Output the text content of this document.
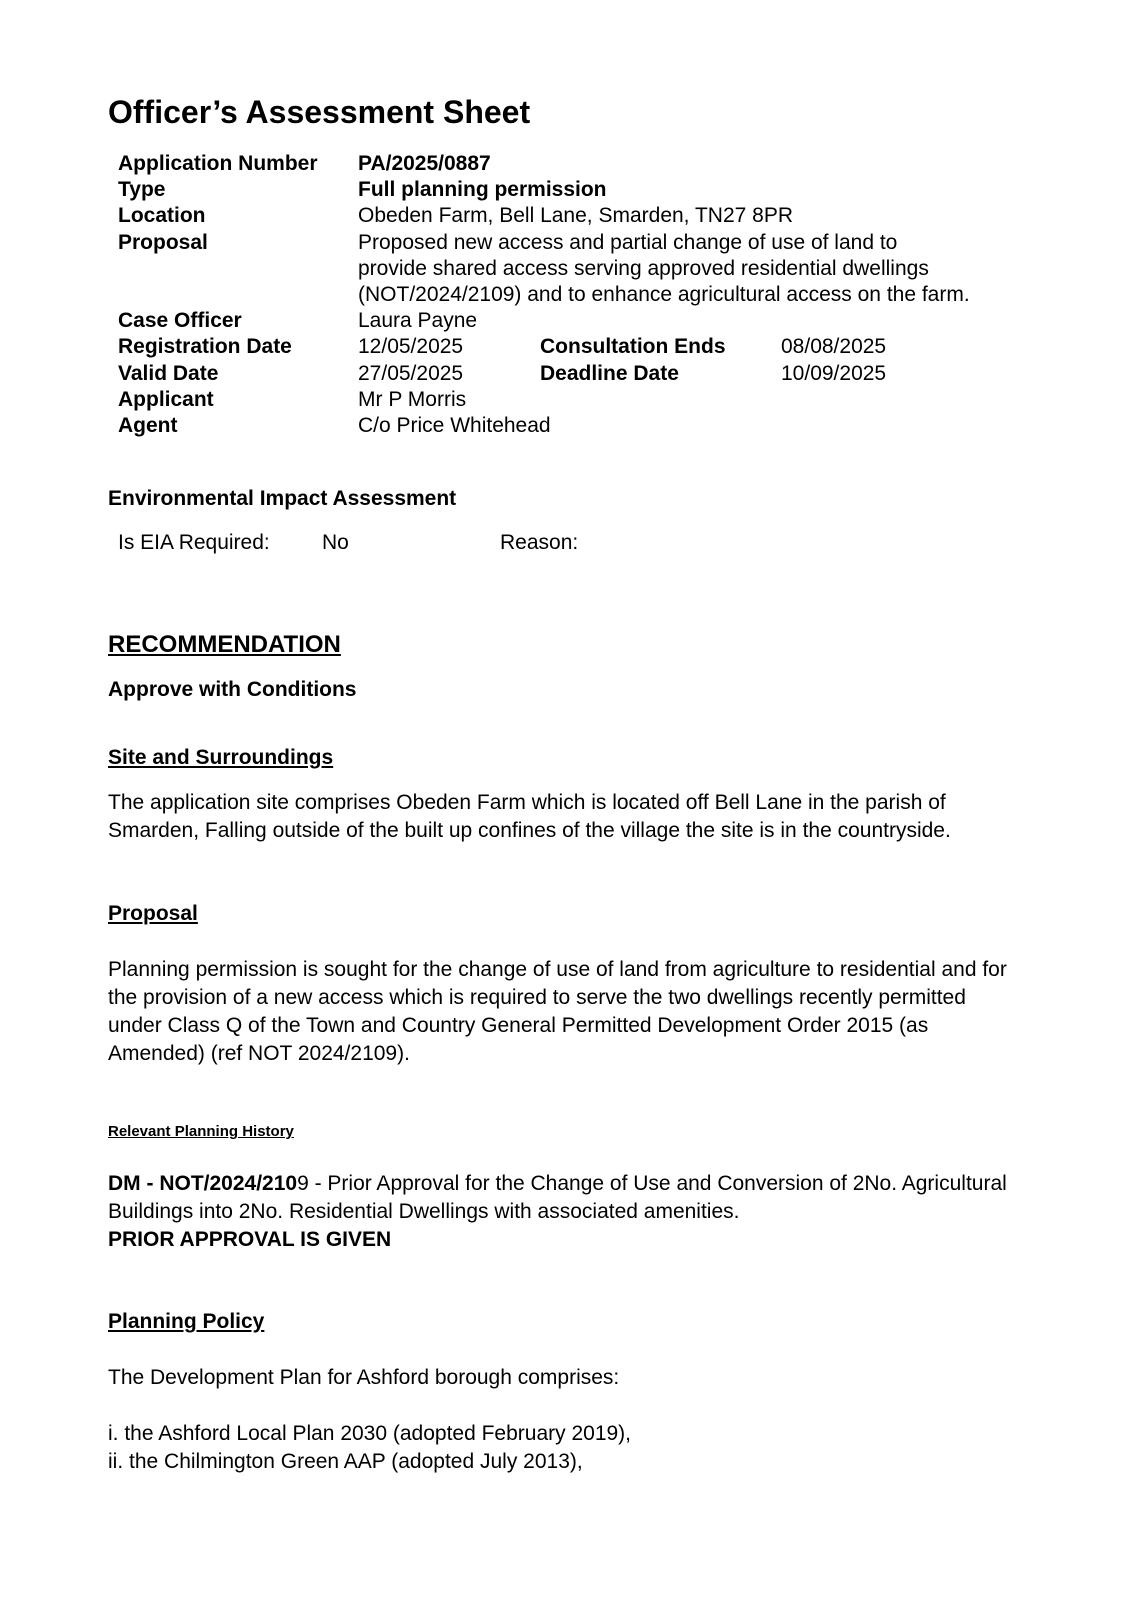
Officer’s Assessment Sheet
Application Number	PA/2025/0887
Type	Full planning permission
Location	Obeden Farm, Bell Lane, Smarden, TN27 8PR
Proposal	Proposed new access and partial change of use of land to provide shared access serving approved residential dwellings (NOT/2024/2109) and to enhance agricultural access on the farm.
Case Officer	Laura Payne
Registration Date	12/05/2025	Consultation Ends	08/08/2025
Valid Date	27/05/2025	Deadline Date	10/09/2025
Applicant	Mr P Morris
Agent	C/o Price Whitehead
Environmental Impact Assessment
Is EIA Required:	No	Reason:
RECOMMENDATION
Approve with Conditions
Site and Surroundings

The application site comprises Obeden Farm which is located off Bell Lane in the parish of Smarden, Falling outside of the built up confines of the village the site is in the countryside.

Proposal

Planning permission is sought for the change of use of land from agriculture to residential and for the provision of a new access which is required to serve the two dwellings recently permitted under Class Q of the Town and Country General Permitted Development Order 2015 (as Amended) (ref NOT 2024/2109).

Relevant Planning History

DM - NOT/2024/2109 - Prior Approval for the Change of Use and Conversion of 2No. Agricultural Buildings into 2No. Residential Dwellings with associated amenities.
PRIOR APPROVAL IS GIVEN

Planning Policy

The Development Plan for Ashford borough comprises:

i. the Ashford Local Plan 2030 (adopted February 2019),
ii. the Chilmington Green AAP (adopted July 2013),
